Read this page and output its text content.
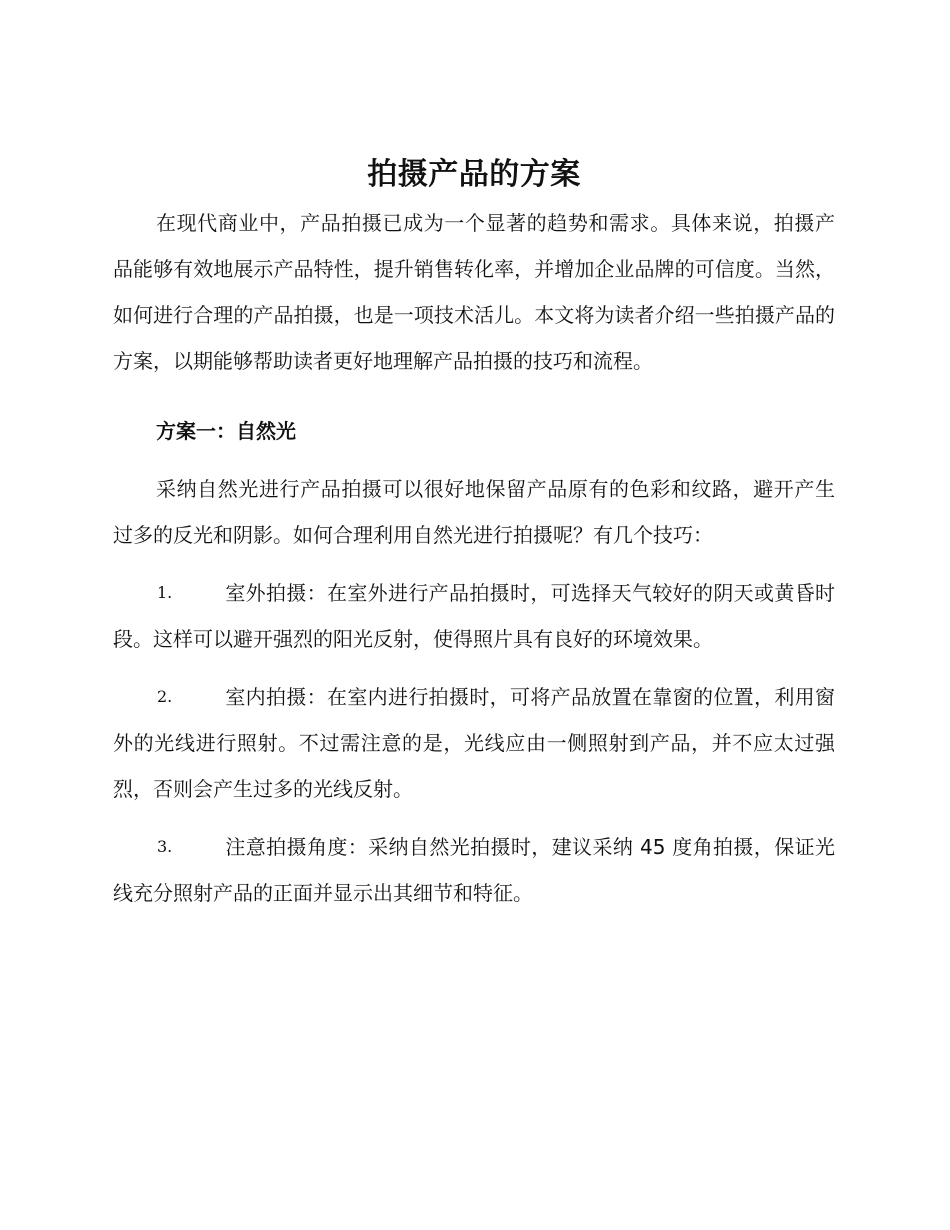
拍摄产品的方案

在现代商业中，产品拍摄已成为一个显著的趋势和需求。具体来说，拍摄产品能够有效地展示产品特性，提升销售转化率，并增加企业品牌的可信度。当然，如何进行合理的产品拍摄，也是一项技术活儿。本文将为读者介绍一些拍摄产品的方案，以期能够帮助读者更好地理解产品拍摄的技巧和流程。

方案一：自然光

采纳自然光进行产品拍摄可以很好地保留产品原有的色彩和纹路，避开产生过多的反光和阴影。如何合理利用自然光进行拍摄呢？有几个技巧：

1.	室外拍摄：在室外进行产品拍摄时，可选择天气较好的阴天或黄昏时段。这样可以避开强烈的阳光反射，使得照片具有良好的环境效果。
2.	室内拍摄：在室内进行拍摄时，可将产品放置在靠窗的位置，利用窗外的光线进行照射。不过需注意的是，光线应由一侧照射到产品，并不应太过强烈，否则会产生过多的光线反射。
3.	注意拍摄角度：采纳自然光拍摄时，建议采纳 45 度角拍摄，保证光线充分照射产品的正面并显示出其细节和特征。
